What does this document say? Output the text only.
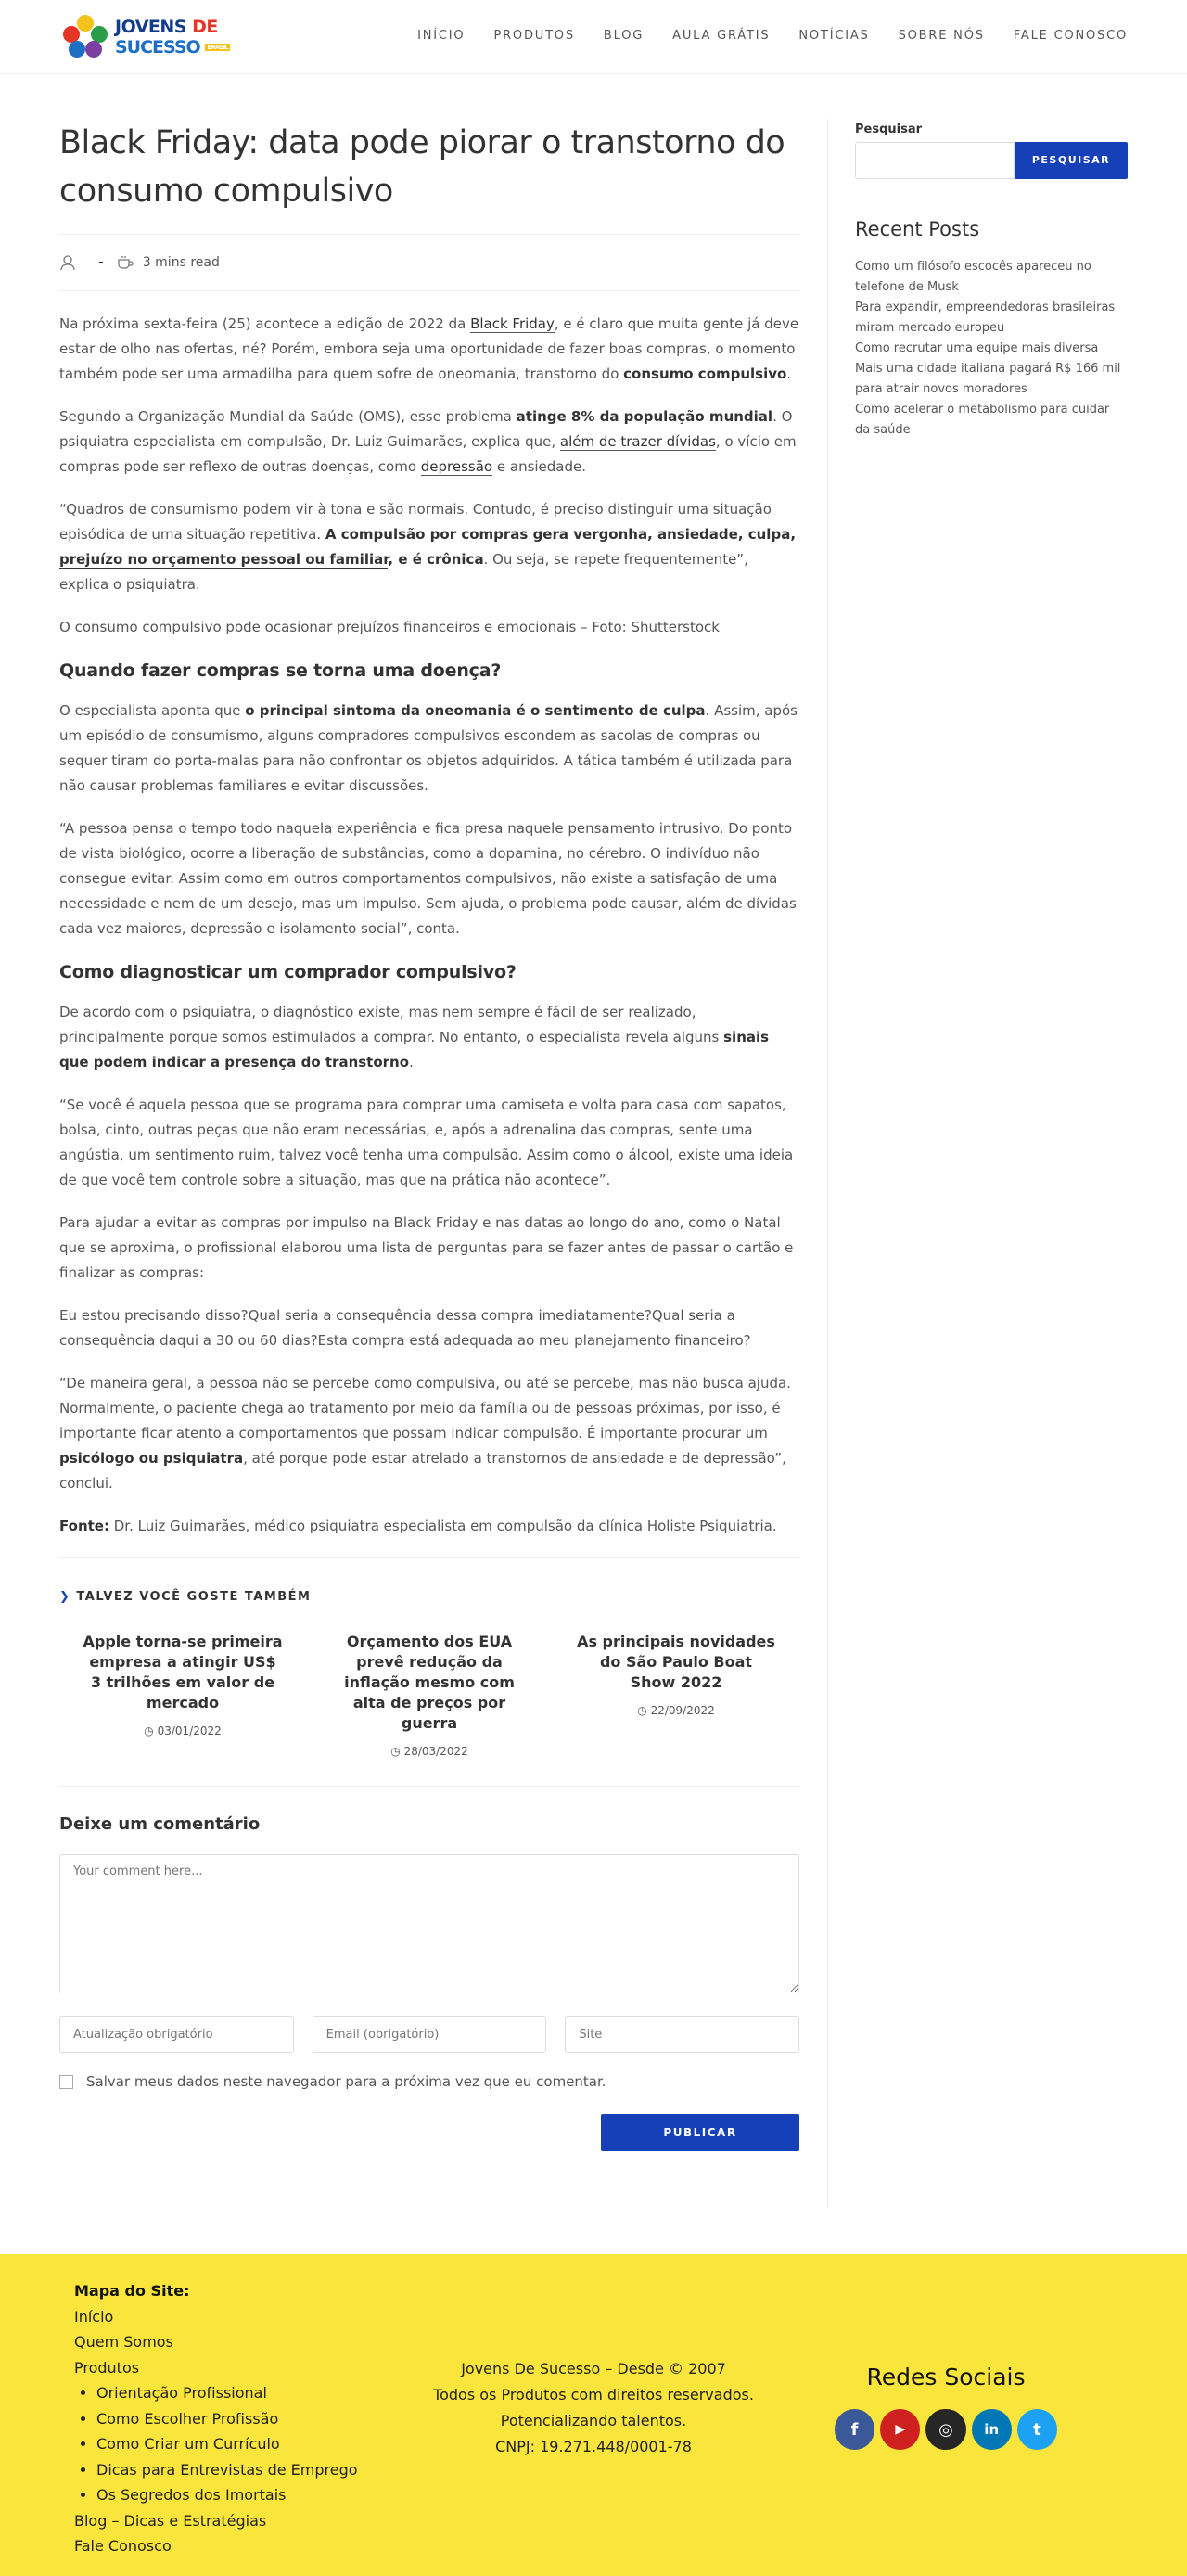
JOVENS DE
SUCESSO BRASIL
INÍCIO PRODUTOS BLOG AULA GRÁTIS NOTÍCIAS SOBRE NÓS FALE CONOSCO
Black Friday: data pode piorar o transtorno do consumo compulsivo
-	3 mins read

Na próxima sexta-feira (25) acontece a edição de 2022 da Black Friday, e é claro que muita gente já deve estar de olho nas ofertas, né? Porém, embora seja uma oportunidade de fazer boas compras, o momento também pode ser uma armadilha para quem sofre de oneomania, transtorno do consumo compulsivo.

Segundo a Organização Mundial da Saúde (OMS), esse problema atinge 8% da população mundial. O psiquiatra especialista em compulsão, Dr. Luiz Guimarães, explica que, além de trazer dívidas, o vício em compras pode ser reflexo de outras doenças, como depressão e ansiedade.

“Quadros de consumismo podem vir à tona e são normais. Contudo, é preciso distinguir uma situação episódica de uma situação repetitiva. A compulsão por compras gera vergonha, ansiedade, culpa, prejuízo no orçamento pessoal ou familiar, e é crônica. Ou seja, se repete frequentemente”, explica o psiquiatra.

O consumo compulsivo pode ocasionar prejuízos financeiros e emocionais – Foto: Shutterstock

Quando fazer compras se torna uma doença?

O especialista aponta que o principal sintoma da oneomania é o sentimento de culpa. Assim, após um episódio de consumismo, alguns compradores compulsivos escondem as sacolas de compras ou sequer tiram do porta-malas para não confrontar os objetos adquiridos. A tática também é utilizada para não causar problemas familiares e evitar discussões.

“A pessoa pensa o tempo todo naquela experiência e fica presa naquele pensamento intrusivo. Do ponto de vista biológico, ocorre a liberação de substâncias, como a dopamina, no cérebro. O indivíduo não consegue evitar. Assim como em outros comportamentos compulsivos, não existe a satisfação de uma necessidade e nem de um desejo, mas um impulso. Sem ajuda, o problema pode causar, além de dívidas cada vez maiores, depressão e isolamento social”, conta.

Como diagnosticar um comprador compulsivo?

De acordo com o psiquiatra, o diagnóstico existe, mas nem sempre é fácil de ser realizado, principalmente porque somos estimulados a comprar. No entanto, o especialista revela alguns sinais que podem indicar a presença do transtorno.

“Se você é aquela pessoa que se programa para comprar uma camiseta e volta para casa com sapatos, bolsa, cinto, outras peças que não eram necessárias, e, após a adrenalina das compras, sente uma angústia, um sentimento ruim, talvez você tenha uma compulsão. Assim como o álcool, existe uma ideia de que você tem controle sobre a situação, mas que na prática não acontece”.

Para ajudar a evitar as compras por impulso na Black Friday e nas datas ao longo do ano, como o Natal que se aproxima, o profissional elaborou uma lista de perguntas para se fazer antes de passar o cartão e finalizar as compras:

Eu estou precisando disso?Qual seria a consequência dessa compra imediatamente?Qual seria a consequência daqui a 30 ou 60 dias?Esta compra está adequada ao meu planejamento financeiro?

“De maneira geral, a pessoa não se percebe como compulsiva, ou até se percebe, mas não busca ajuda. Normalmente, o paciente chega ao tratamento por meio da família ou de pessoas próximas, por isso, é importante ficar atento a comportamentos que possam indicar compulsão. É importante procurar um psicólogo ou psiquiatra, até porque pode estar atrelado a transtornos de ansiedade e de depressão”, conclui.

Fonte: Dr. Luiz Guimarães, médico psiquiatra especialista em compulsão da clínica Holiste Psiquiatria.

❯ TALVEZ VOCÊ GOSTE TAMBÉM
Apple torna-se primeira empresa a atingir US$ 3 trilhões em valor de mercado
◷ 03/01/2022
Orçamento dos EUA prevê redução da inflação mesmo com alta de preços por guerra
◷ 28/03/2022
As principais novidades do São Paulo Boat Show 2022
◷ 22/09/2022
Deixe um comentário
Your comment here...
Atualização obrigatório
Email (obrigatório)
Site
Salvar meus dados neste navegador para a próxima vez que eu comentar.
PUBLICAR COMENTÁRIO
Pesquisar
PESQUISAR
Recent Posts
Como um filósofo escocês apareceu no telefone de Musk
Para expandir, empreendedoras brasileiras miram mercado europeu
Como recrutar uma equipe mais diversa
Mais uma cidade italiana pagará R$ 166 mil para atrair novos moradores
Como acelerar o metabolismo para cuidar da saúde
Mapa do Site:
Início
Quem Somos
Produtos
• Orientação Profissional
• Como Escolher Profissão
• Como Criar um Currículo
• Dicas para Entrevistas de Emprego
• Os Segredos dos Imortais
Blog – Dicas e Estratégias
Fale Conosco
Jovens De Sucesso – Desde © 2007
Todos os Produtos com direitos reservados.
Potencializando talentos.
CNPJ: 19.271.448/0001-78
Redes Sociais
f	▶	◎	in	t
